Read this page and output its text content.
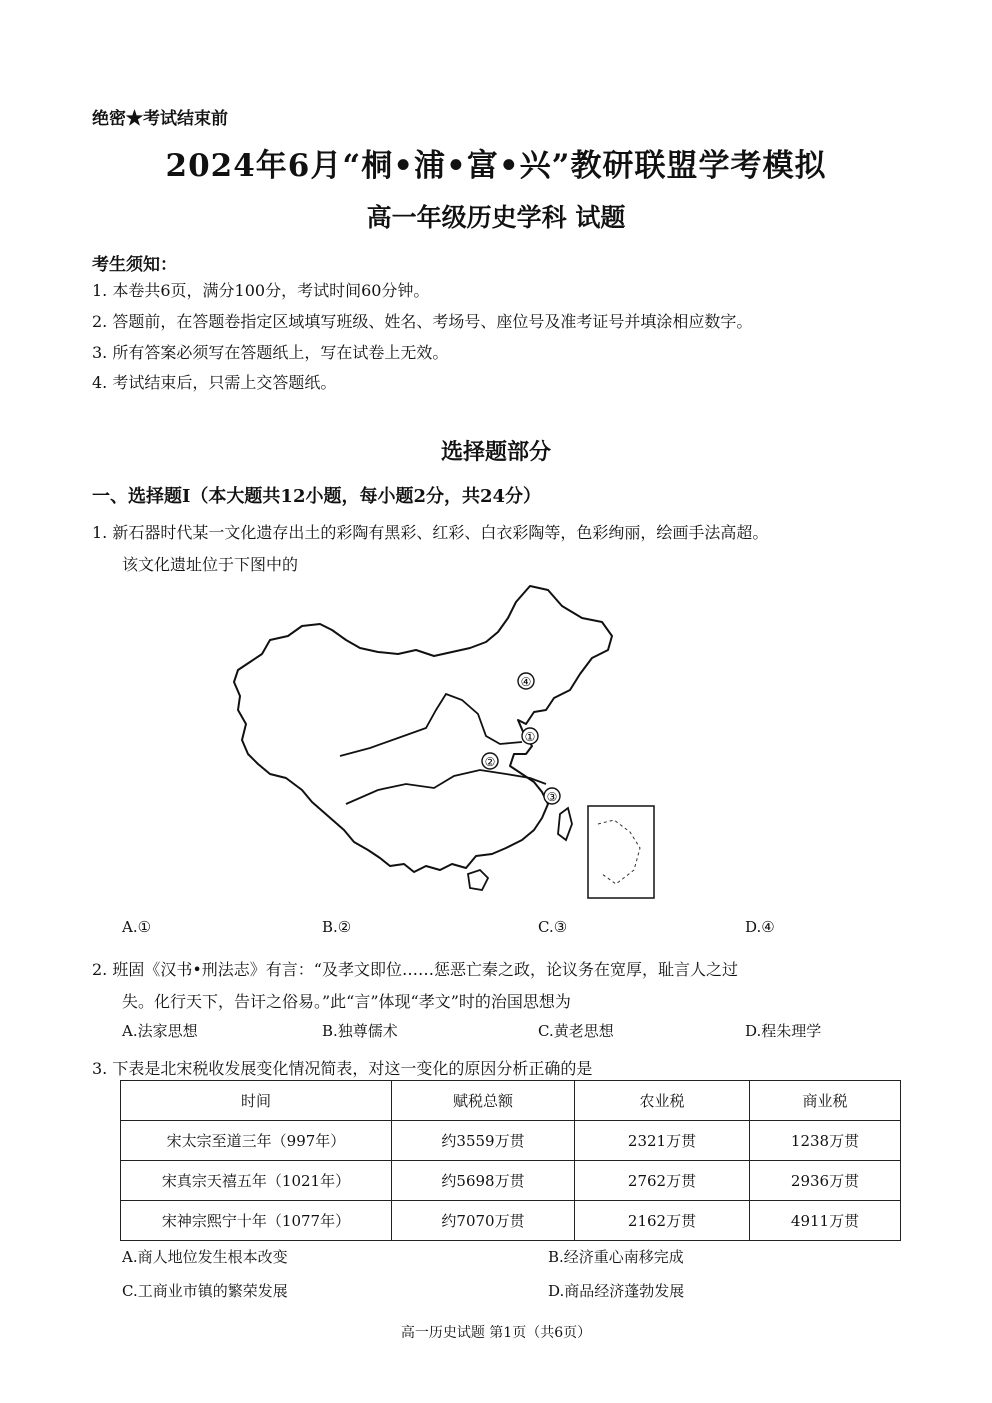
绝密★考试结束前
2024年6月“桐•浦•富•兴”教研联盟学考模拟
高一年级历史学科 试题
考生须知：
1. 本卷共6页，满分100分，考试时间60分钟。
2. 答题前，在答题卷指定区域填写班级、姓名、考场号、座位号及准考证号并填涂相应数字。
3. 所有答案必须写在答题纸上，写在试卷上无效。
4. 考试结束后，只需上交答题纸。
选择题部分
一、选择题Ⅰ（本大题共12小题，每小题2分，共24分）
1. 新石器时代某一文化遗存出土的彩陶有黑彩、红彩、白衣彩陶等，色彩绚丽，绘画手法高超。
该文化遗址位于下图中的
④
①
②
③
A.①	B.②	C.③	D.④
2. 班固《汉书•刑法志》有言：“及孝文即位……惩恶亡秦之政，论议务在宽厚，耻言人之过
失。化行天下，告讦之俗易。”此“言”体现“孝文”时的治国思想为
A.法家思想	B.独尊儒术	C.黄老思想	D.程朱理学
3. 下表是北宋税收发展变化情况简表，对这一变化的原因分析正确的是
时间	赋税总额	农业税	商业税
宋太宗至道三年（997年）	约3559万贯	2321万贯	1238万贯
宋真宗天禧五年（1021年）	约5698万贯	2762万贯	2936万贯
宋神宗熙宁十年（1077年）	约7070万贯	2162万贯	4911万贯
A.商人地位发生根本改变	B.经济重心南移完成
C.工商业市镇的繁荣发展	D.商品经济蓬勃发展
高一历史试题 第1页（共6页）
